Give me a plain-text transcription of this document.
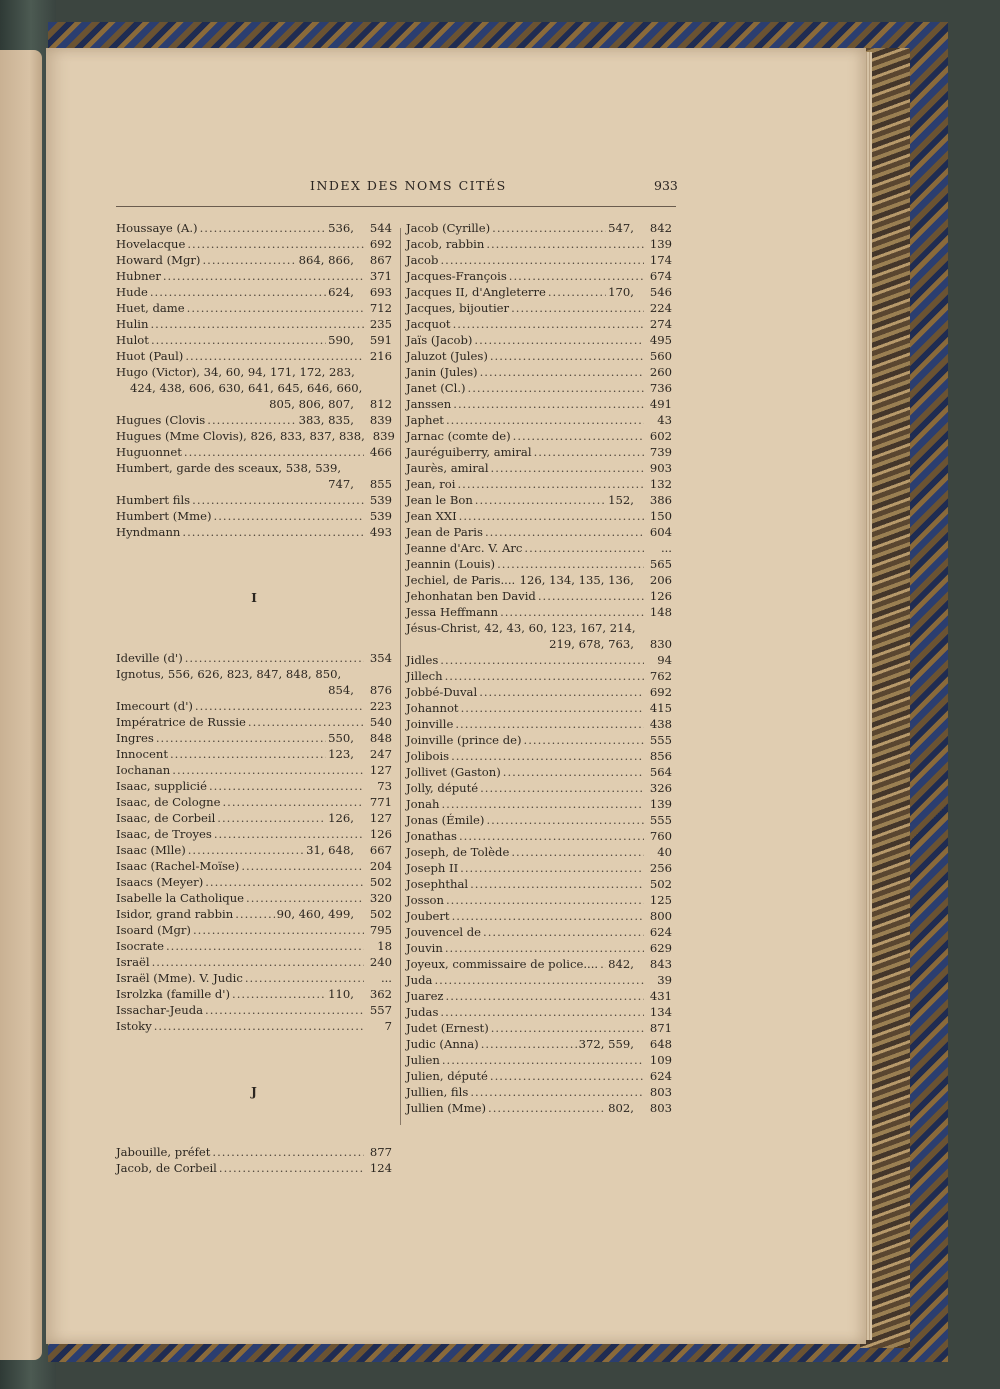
INDEX DES NOMS CITÉS	933
Houssaye (A.) .....	536,	544
Hovelacque .....	692
Howard (Mgr) .....	864, 866,	867
Hubner .....	371
Hude .....	624,	693
Huet, dame .....	712
Hulin .....	235
Hulot .....	590,	591
Huot (Paul) .....	216
Hugo (Victor), 34, 60, 94, 171, 172, 283,
424, 438, 606, 630, 641, 645, 646, 660,
805, 806, 807,	812
Hugues (Clovis .....	383, 835,	839
Hugues (Mme Clovis), 826, 833, 837, 838, 839
Huguonnet .....	466
Humbert, garde des sceaux, 538, 539,
747,	855
Humbert fils .....	539
Humbert (Mme) .....	539
Hyndmann .....	493
I
Ideville (d') .....	354
Ignotus, 556, 626, 823, 847, 848, 850,
854,	876
Imecourt (d') .....	223
Impératrice de Russie .....	540
Ingres .....	550,	848
Innocent .....	123,	247
Iochanan .....	127
Isaac, supplicié .....	73
Isaac, de Cologne .....	771
Isaac, de Corbeil .....	126,	127
Isaac, de Troyes .....	126
Isaac (Mlle) .....	31, 648,	667
Isaac (Rachel-Moïse) .....	204
Isaacs (Meyer) .....	502
Isabelle la Catholique .....	320
Isidor, grand rabbin .....	90, 460, 499,	502
Isoard (Mgr) .....	795
Isocrate .....	18
Israël .....	240
Israël (Mme). V. Judic .....	...
Isrolzka (famille d') .....	110,	362
Issachar-Jeuda .....	557
Istoky .....	7
J
Jabouille, préfet .....	877
Jacob, de Corbeil .....	124
Jacob (Cyrille) .....	547,	842
Jacob, rabbin .....	139
Jacob .....	174
Jacques-François .....	674
Jacques II, d'Angleterre .....	170,	546
Jacques, bijoutier .....	224
Jacquot .....	274
Jaïs (Jacob) .....	495
Jaluzot (Jules) .....	560
Janin (Jules) .....	260
Janet (Cl.) .....	736
Janssen .....	491
Japhet .....	43
Jarnac (comte de) .....	602
Jauréguiberry, amiral .....	739
Jaurès, amiral .....	903
Jean, roi .....	132
Jean le Bon .....	152,	386
Jean XXI .....	150
Jean de Paris .....	604
Jeanne d'Arc. V. Arc .....	...
Jeannin (Louis) .....	565
Jechiel, de Paris.... ..... 126, 134, 135, 136,	206
Jehonhatan ben David .....	126
Jessa Heffmann .....	148
Jésus-Christ, 42, 43, 60, 123, 167, 214,
219, 678, 763,	830
Jidles .....	94
Jillech .....	762
Jobbé-Duval .....	692
Johannot .....	415
Joinville .....	438
Joinville (prince de) .....	555
Jolibois .....	856
Jollivet (Gaston) .....	564
Jolly, député .....	326
Jonah .....	139
Jonas (Émile) .....	555
Jonathas .....	760
Joseph, de Tolède .....	40
Joseph II .....	256
Josephthal .....	502
Josson .....	125
Joubert .....	800
Jouvencel de .....	624
Jouvin .....	629
Joyeux, commissaire de police.... ..... 842,	843
Juda .....	39
Juarez .....	431
Judas .....	134
Judet (Ernest) .....	871
Judic (Anna) .....	372, 559,	648
Julien .....	109
Julien, député .....	624
Jullien, fils .....	803
Jullien (Mme) .....	802,	803
